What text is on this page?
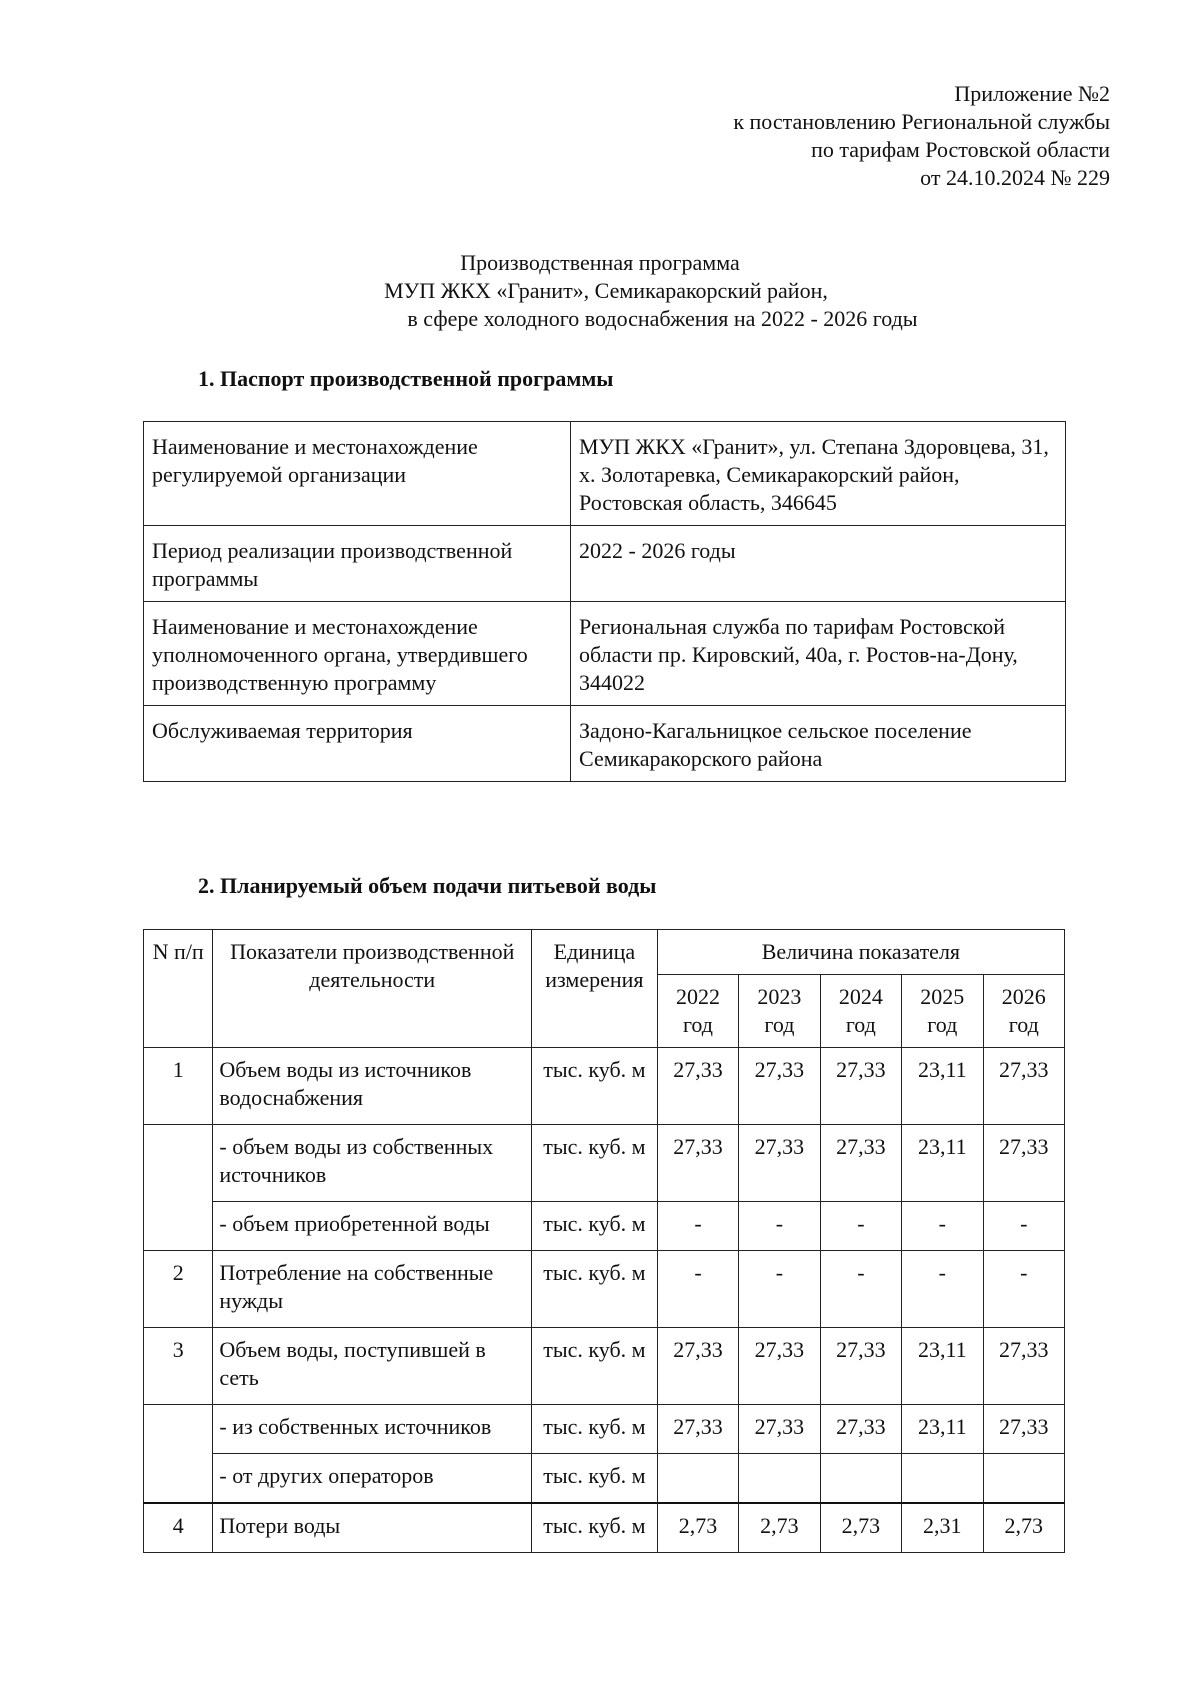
Приложение №2
к постановлению Региональной службы
по тарифам Ростовской области
от 24.10.2024 № 229
Производственная программа
МУП ЖКХ «Гранит», Семикаракорский район,
в сфере холодного водоснабжения на 2022 - 2026 годы
1. Паспорт производственной программы
Наименование и местонахождение регулируемой организации	МУП ЖКХ «Гранит», ул. Степана Здоровцева, 31, х. Золотаревка, Семикаракорский район, Ростовская область, 346645
Период реализации производственной программы	2022 - 2026 годы
Наименование и местонахождение уполномоченного органа, утвердившего производственную программу	Региональная служба по тарифам Ростовской области пр. Кировский, 40а, г. Ростов-на-Дону, 344022
Обслуживаемая территория	Задоно-Кагальницкое сельское поселение Семикаракорского района
2. Планируемый объем подачи питьевой воды
N п/п	Показатели производственной деятельности	Единица измерения	Величина показателя				
			2022 год	2023 год	2024 год	2025 год	2026 год
1	Объем воды из источников водоснабжения	тыс. куб. м	27,33	27,33	27,33	23,11	27,33
	- объем воды из собственных источников	тыс. куб. м	27,33	27,33	27,33	23,11	27,33
	- объем приобретенной воды	тыс. куб. м	-	-	-	-	-
2	Потребление на собственные нужды	тыс. куб. м	-	-	-	-	-
3	Объем воды, поступившей в сеть	тыс. куб. м	27,33	27,33	27,33	23,11	27,33
	- из собственных источников	тыс. куб. м	27,33	27,33	27,33	23,11	27,33
	- от других операторов	тыс. куб. м					
4	Потери воды	тыс. куб. м	2,73	2,73	2,73	2,31	2,73
